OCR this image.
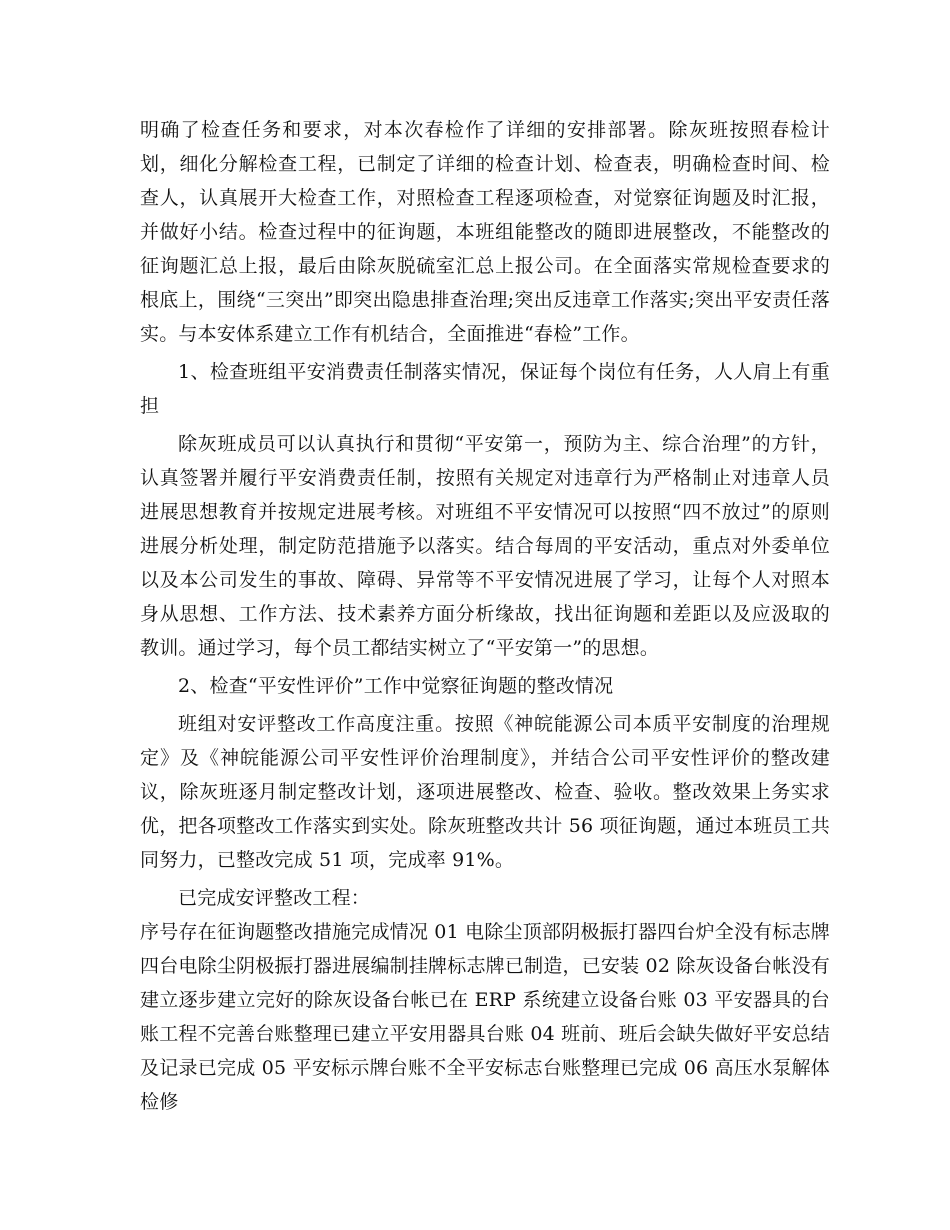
明确了检查任务和要求，对本次春检作了详细的安排部署。除灰班按照春检计划，细化分解检查工程，已制定了详细的检查计划、检查表，明确检查时间、检查人，认真展开大检查工作，对照检查工程逐项检查，对觉察征询题及时汇报，并做好小结。检查过程中的征询题，本班组能整改的随即进展整改，不能整改的征询题汇总上报，最后由除灰脱硫室汇总上报公司。在全面落实常规检查要求的根底上，围绕“三突出”即突出隐患排查治理;突出反违章工作落实;突出平安责任落实。与本安体系建立工作有机结合，全面推进“春检”工作。

1、检查班组平安消费责任制落实情况，保证每个岗位有任务，人人肩上有重担

除灰班成员可以认真执行和贯彻“平安第一，预防为主、综合治理”的方针，认真签署并履行平安消费责任制，按照有关规定对违章行为严格制止对违章人员进展思想教育并按规定进展考核。对班组不平安情况可以按照“四不放过”的原则进展分析处理，制定防范措施予以落实。结合每周的平安活动，重点对外委单位以及本公司发生的事故、障碍、异常等不平安情况进展了学习，让每个人对照本身从思想、工作方法、技术素养方面分析缘故，找出征询题和差距以及应汲取的教训。通过学习，每个员工都结实树立了“平安第一”的思想。

2、检查“平安性评价”工作中觉察征询题的整改情况

班组对安评整改工作高度注重。按照《神皖能源公司本质平安制度的治理规定》及《神皖能源公司平安性评价治理制度》，并结合公司平安性评价的整改建议，除灰班逐月制定整改计划，逐项进展整改、检查、验收。整改效果上务实求优，把各项整改工作落实到实处。除灰班整改共计 56 项征询题，通过本班员工共同努力，已整改完成 51 项，完成率 91%。

已完成安评整改工程：

序号存在征询题整改措施完成情况 01 电除尘顶部阴极振打器四台炉全没有标志牌四台电除尘阴极振打器进展编制挂牌标志牌已制造，已安装 02 除灰设备台帐没有建立逐步建立完好的除灰设备台帐已在 ERP 系统建立设备台账 03 平安器具的台账工程不完善台账整理已建立平安用器具台账 04 班前、班后会缺失做好平安总结及记录已完成 05 平安标示牌台账不全平安标志台账整理已完成 06 高压水泵解体检修
